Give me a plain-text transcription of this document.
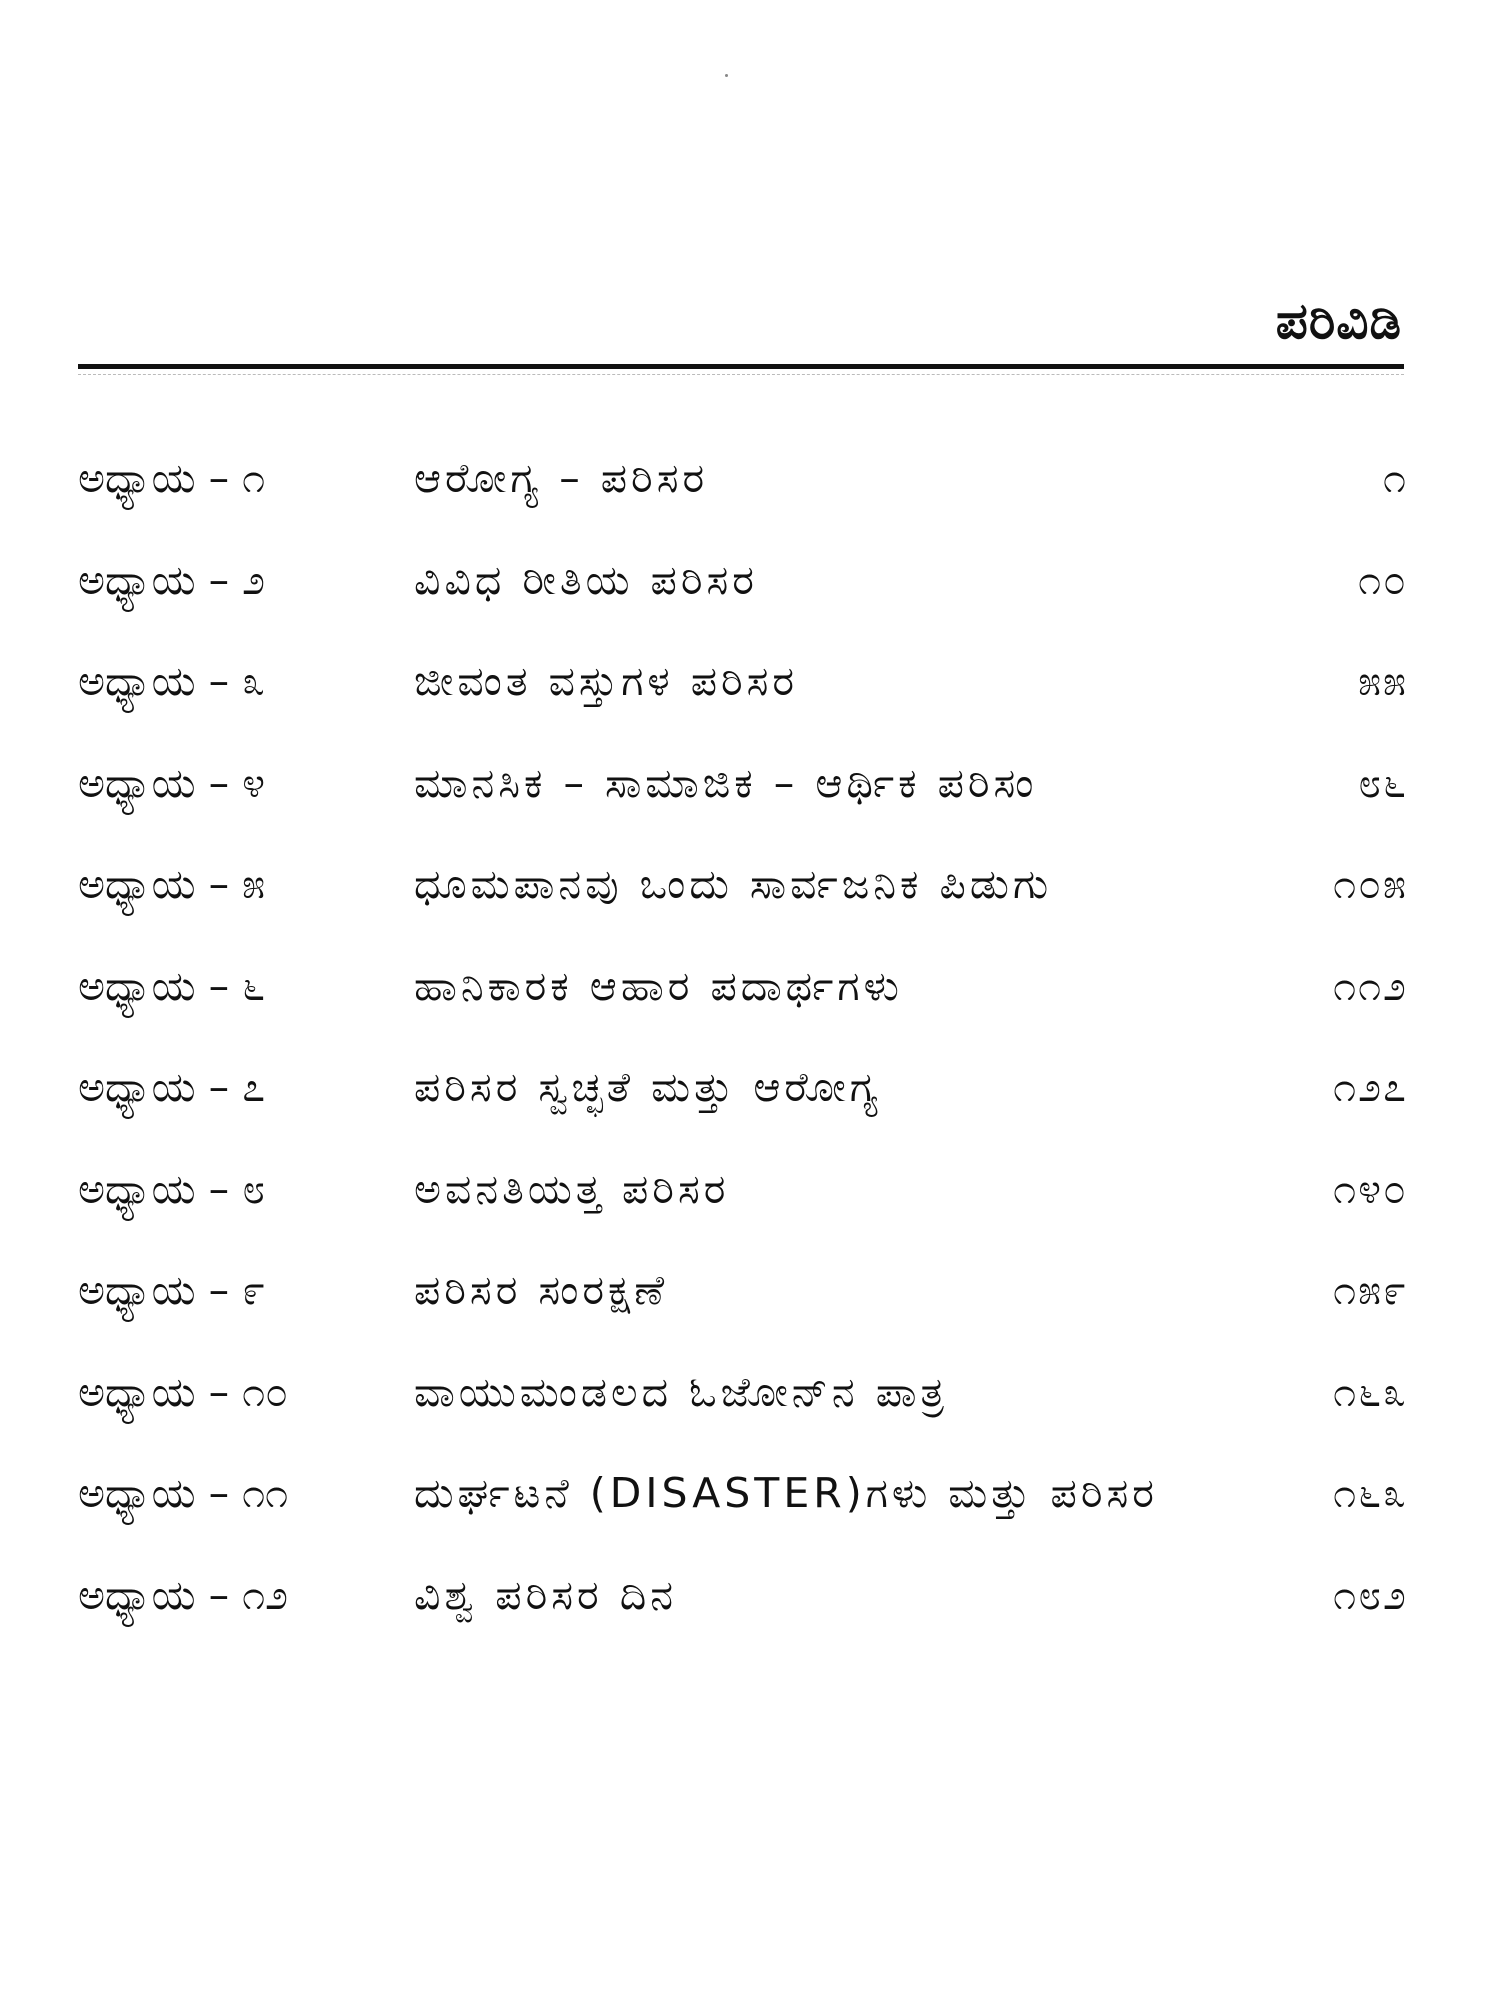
ಪರಿವಿಡಿ
ಅಧ್ಯಾಯ – ೧	ಆರೋಗ್ಯ – ಪರಿಸರ	೧
ಅಧ್ಯಾಯ – ೨	ವಿವಿಧ ರೀತಿಯ ಪರಿಸರ	೧೦
ಅಧ್ಯಾಯ – ೩	ಜೀವಂತ ವಸ್ತುಗಳ ಪರಿಸರ	೫೫
ಅಧ್ಯಾಯ – ೪	ಮಾನಸಿಕ – ಸಾಮಾಜಿಕ – ಆರ್ಥಿಕ ಪರಿಸಂ	೮೬
ಅಧ್ಯಾಯ – ೫	ಧೂಮಪಾನವು ಒಂದು ಸಾರ್ವಜನಿಕ ಪಿಡುಗು	೧೦೫
ಅಧ್ಯಾಯ – ೬	ಹಾನಿಕಾರಕ ಆಹಾರ ಪದಾರ್ಥಗಳು	೧೧೨
ಅಧ್ಯಾಯ – ೭	ಪರಿಸರ ಸ್ವಚ್ಛತೆ ಮತ್ತು ಆರೋಗ್ಯ	೧೨೭
ಅಧ್ಯಾಯ – ೮	ಅವನತಿಯತ್ತ ಪರಿಸರ	೧೪೦
ಅಧ್ಯಾಯ – ೯	ಪರಿಸರ ಸಂರಕ್ಷಣೆ	೧೫೯
ಅಧ್ಯಾಯ – ೧೦	ವಾಯುಮಂಡಲದ ಓಜೋನ್‌ನ ಪಾತ್ರ	೧೬೩
ಅಧ್ಯಾಯ – ೧೧	ದುರ್ಘಟನೆ (DISASTER)ಗಳು ಮತ್ತು ಪರಿಸರ	೧೬೩
ಅಧ್ಯಾಯ – ೧೨	ವಿಶ್ವ ಪರಿಸರ ದಿನ	೧೮೨
